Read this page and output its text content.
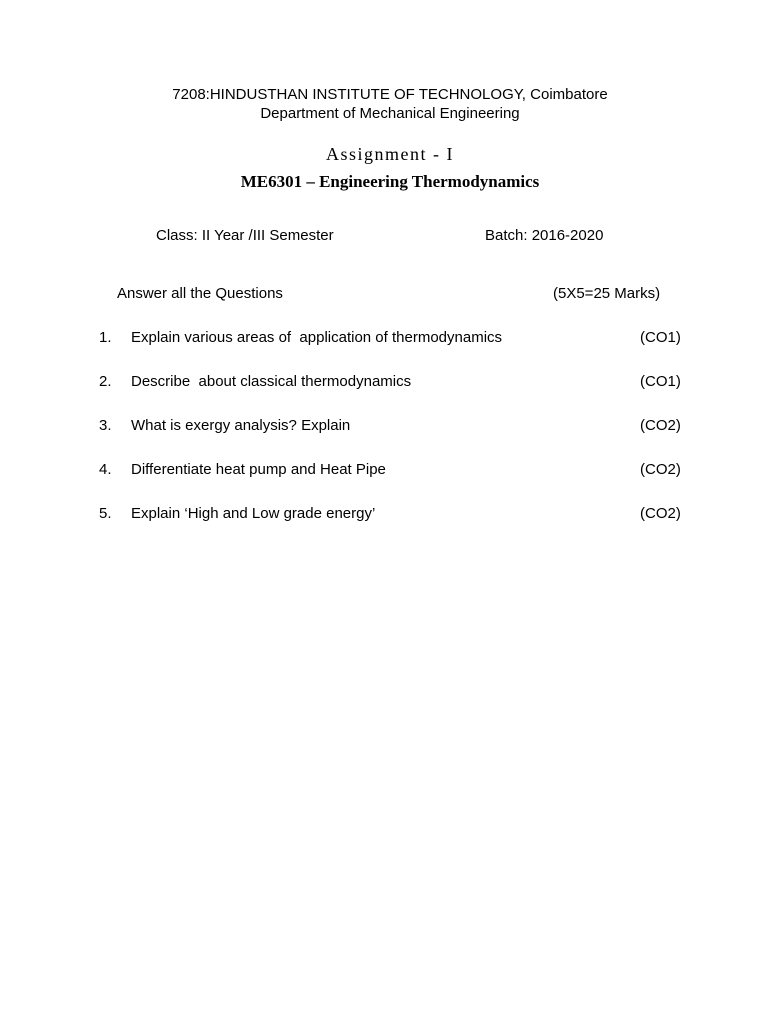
7208:HINDUSTHAN INSTITUTE OF TECHNOLOGY, Coimbatore
Department of Mechanical Engineering
Assignment - I
ME6301 – Engineering Thermodynamics
Class: II Year /III Semester	Batch: 2016-2020
Answer all the Questions	(5X5=25 Marks)
1. Explain various areas of  application of thermodynamics	(CO1)
2. Describe  about classical thermodynamics	(CO1)
3. What is exergy analysis? Explain	(CO2)
4. Differentiate heat pump and Heat Pipe	(CO2)
5. Explain ‘High and Low grade energy’	(CO2)
